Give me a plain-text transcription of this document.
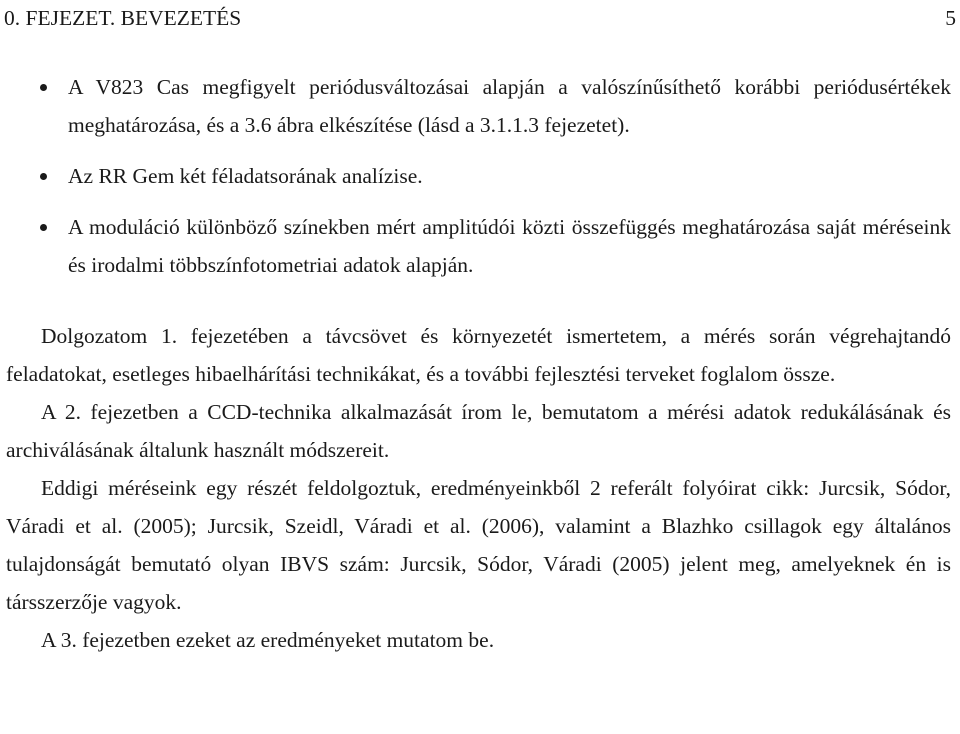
0. FEJEZET. BEVEZETÉS	5
A V823 Cas megfigyelt periódusváltozásai alapján a valószínűsíthető korábbi periódusértékek meghatározása, és a 3.6 ábra elkészítése (lásd a 3.1.1.3 fejezetet).
Az RR Gem két féladatsorának analízise.
A moduláció különböző színekben mért amplitúdói közti összefüggés meghatározása saját méréseink és irodalmi többszínfotometriai adatok alapján.

Dolgozatom 1. fejezetében a távcsövet és környezetét ismertetem, a mérés során végrehajtandó feladatokat, esetleges hibaelhárítási technikákat, és a további fejlesztési terveket foglalom össze.

A 2. fejezetben a CCD-technika alkalmazását írom le, bemutatom a mérési adatok redukálásának és archiválásának általunk használt módszereit.

Eddigi méréseink egy részét feldolgoztuk, eredményeinkből 2 referált folyóirat cikk: Jurcsik, Sódor, Váradi et al. (2005); Jurcsik, Szeidl, Váradi et al. (2006), valamint a Blazhko csillagok egy általános tulajdonságát bemutató olyan IBVS szám: Jurcsik, Sódor, Váradi (2005) jelent meg, amelyeknek én is társszerzője vagyok.

A 3. fejezetben ezeket az eredményeket mutatom be.
